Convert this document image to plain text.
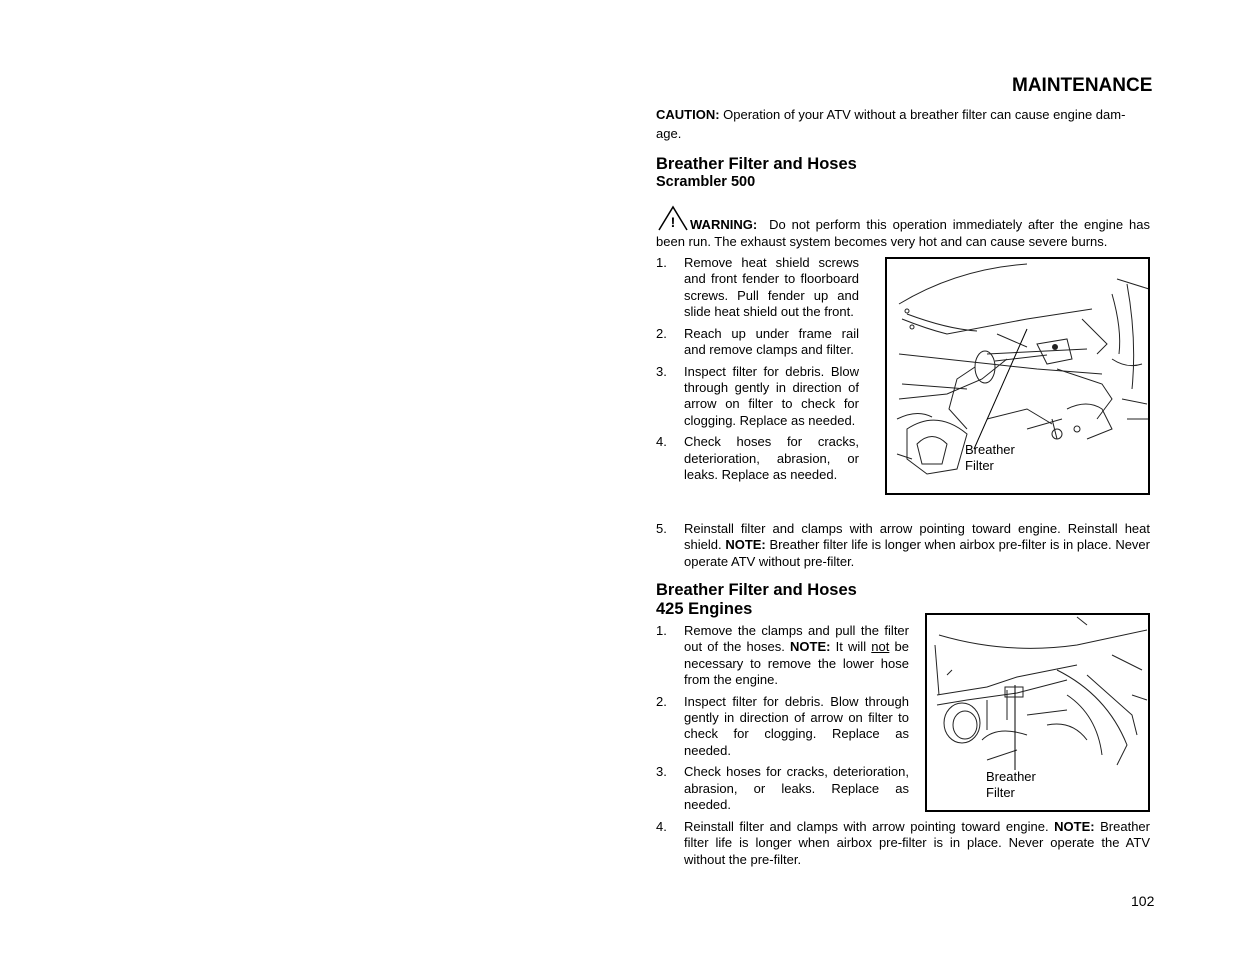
MAINTENANCE
CAUTION: Operation of your ATV without a breather filter can cause engine dam-
age.
Breather Filter and Hoses
Scrambler 500
!	WARNING: Do not perform this operation immediately after the engine has been run. The exhaust system becomes very hot and can cause severe burns.
1. Remove heat shield screws and front fender to floorboard screws. Pull fender up and slide heat shield out the front.
2. Reach up under frame rail and remove clamps and filter.
3. Inspect filter for debris. Blow through gently in direction of arrow on filter to check for clogging. Replace as needed.
4. Check hoses for cracks, deterioration, abrasion, or leaks. Replace as needed.
Breather
Filter
5. Reinstall filter and clamps with arrow pointing toward engine. Reinstall heat shield. NOTE: Breather filter life is longer when airbox pre-filter is in place. Never operate ATV without pre-filter.
Breather Filter and Hoses
425 Engines
1. Remove the clamps and pull the filter out of the hoses. NOTE: It will not be necessary to remove the lower hose from the engine.
2. Inspect filter for debris. Blow through gently in direction of arrow on filter to check for clogging. Replace as needed.
3. Check hoses for cracks, deterioration, abrasion, or leaks. Replace as needed.
Breather
Filter
4. Reinstall filter and clamps with arrow pointing toward engine. NOTE: Breather filter life is longer when airbox pre-filter is in place. Never operate the ATV without the pre-filter.
102
